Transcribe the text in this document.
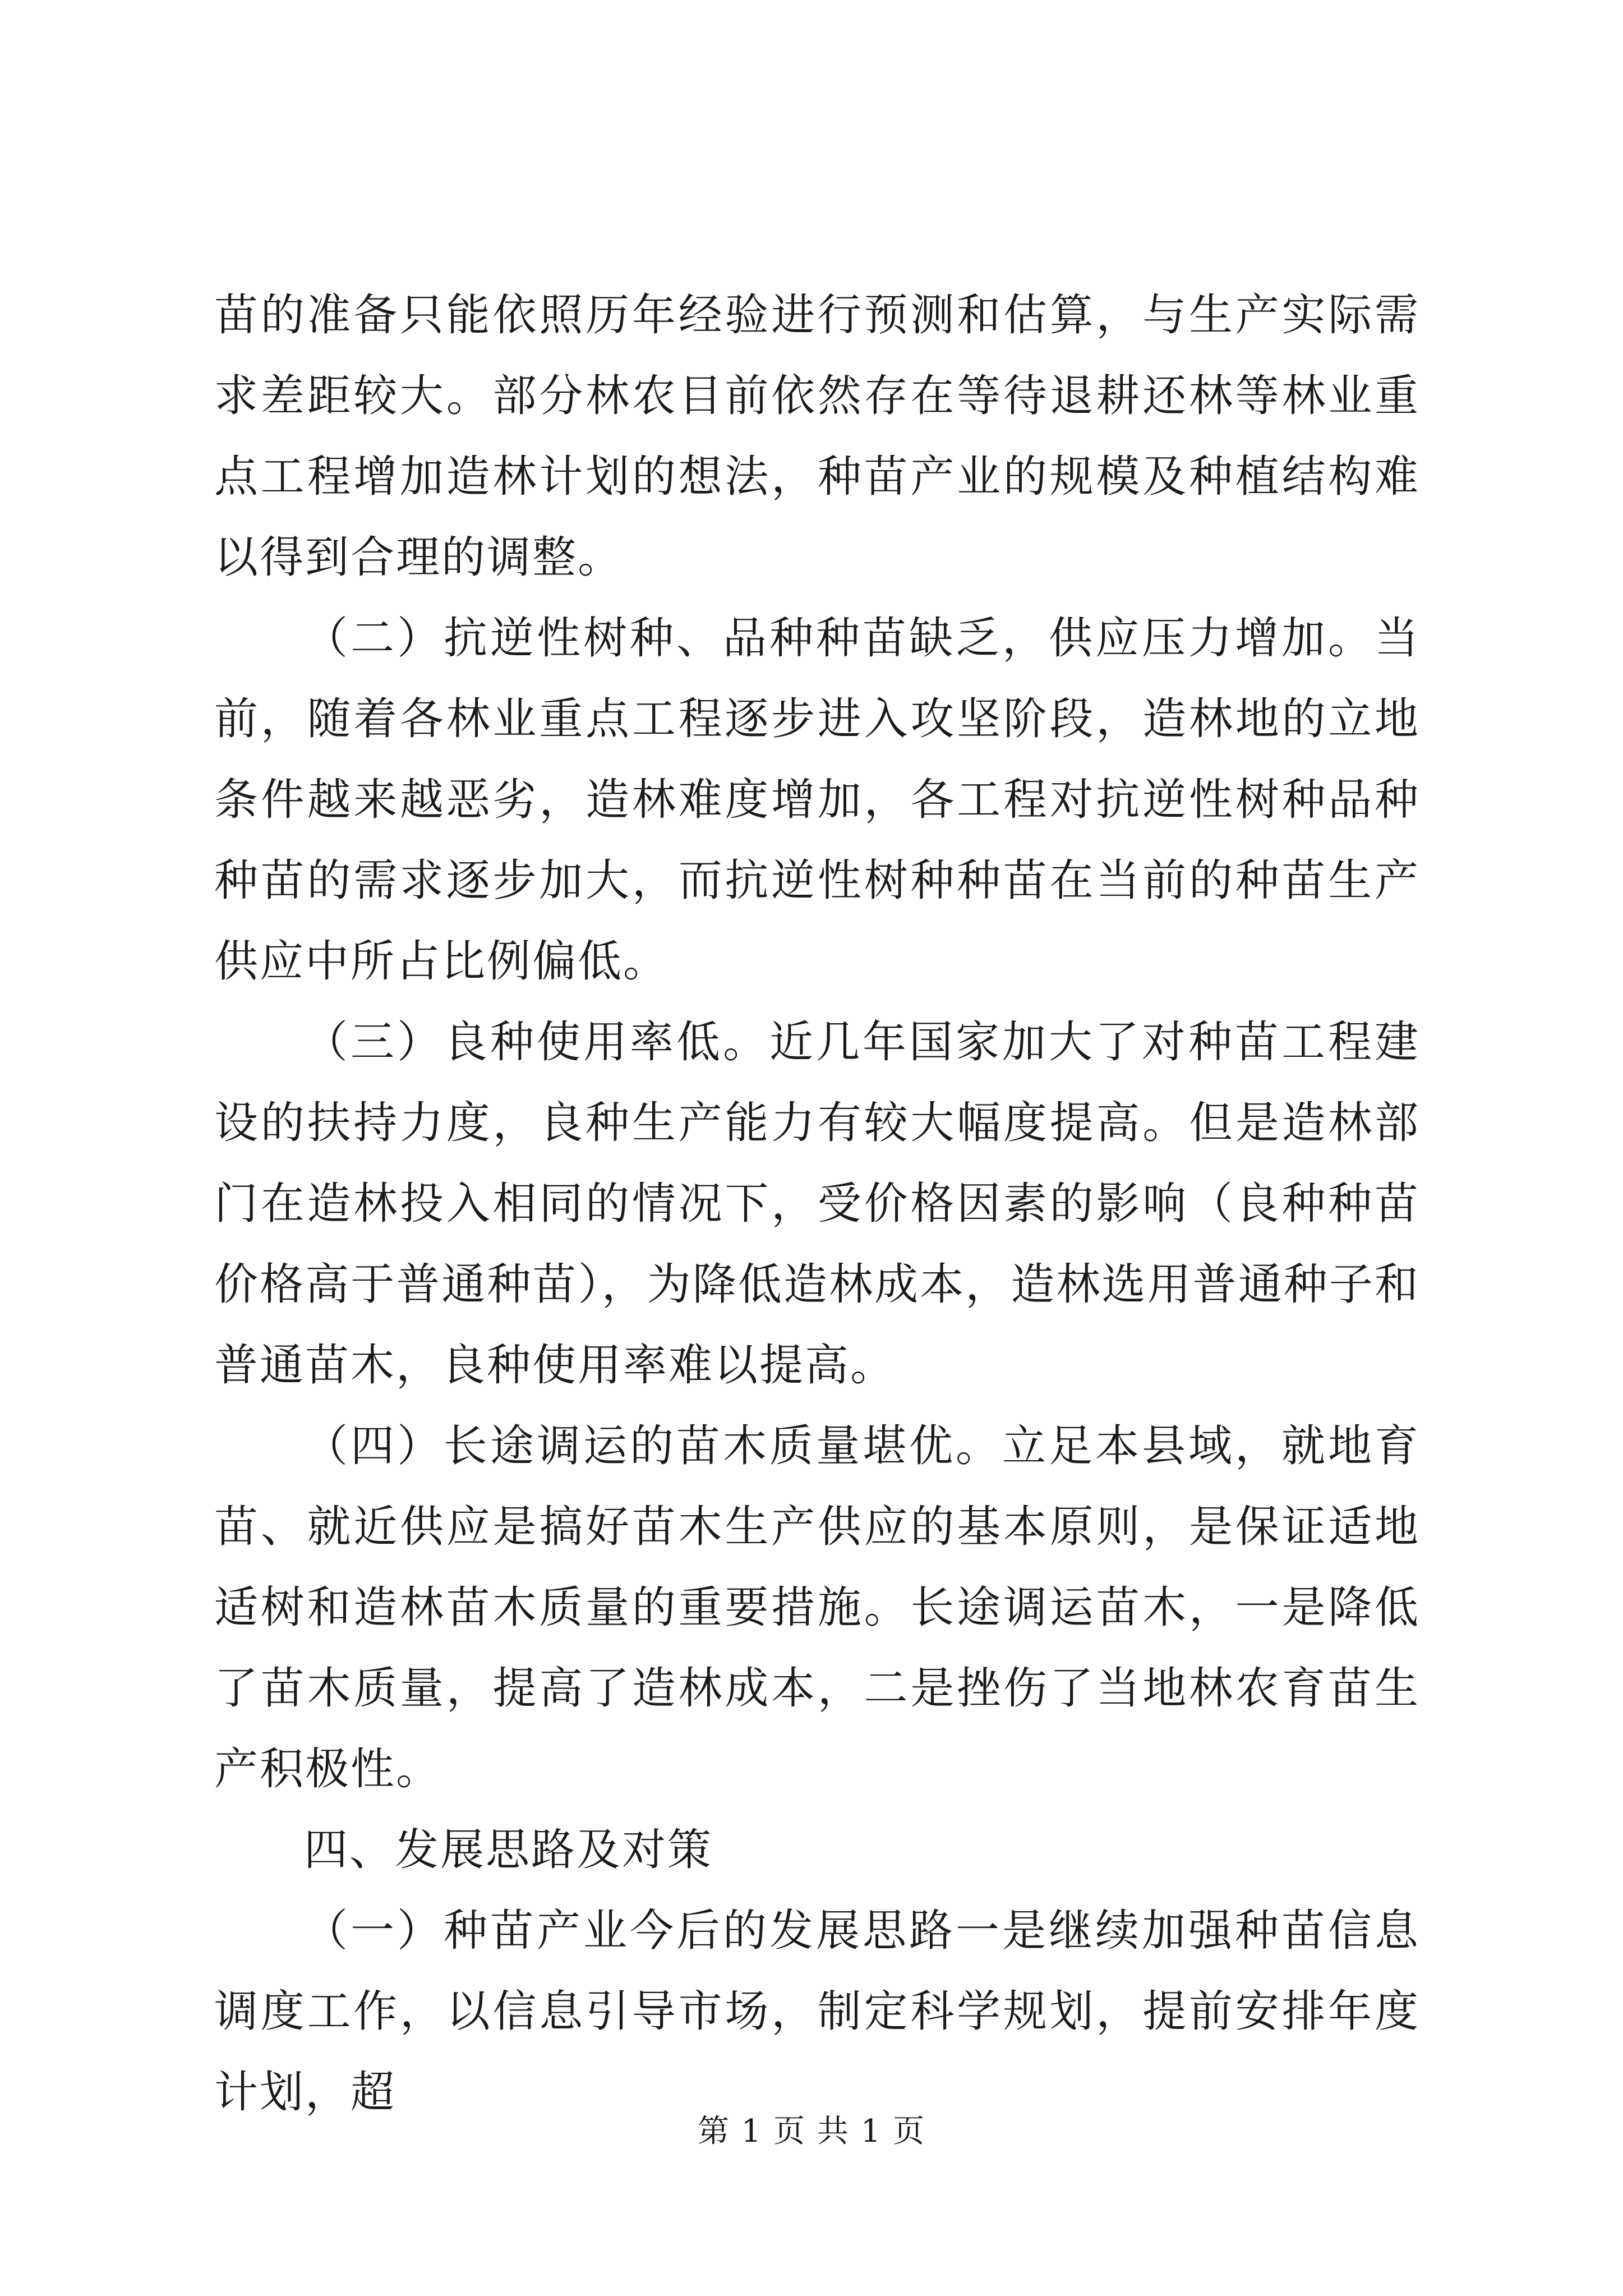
苗的准备只能依照历年经验进行预测和估算，与生产实际需求差距较大。部分林农目前依然存在等待退耕还林等林业重点工程增加造林计划的想法，种苗产业的规模及种植结构难以得到合理的调整。

（二）抗逆性树种、品种种苗缺乏，供应压力增加。当前，随着各林业重点工程逐步进入攻坚阶段，造林地的立地条件越来越恶劣，造林难度增加，各工程对抗逆性树种品种种苗的需求逐步加大，而抗逆性树种种苗在当前的种苗生产供应中所占比例偏低。

（三）良种使用率低。近几年国家加大了对种苗工程建设的扶持力度，良种生产能力有较大幅度提高。但是造林部门在造林投入相同的情况下，受价格因素的影响（良种种苗价格高于普通种苗），为降低造林成本，造林选用普通种子和普通苗木，良种使用率难以提高。

（四）长途调运的苗木质量堪优。立足本县域，就地育苗、就近供应是搞好苗木生产供应的基本原则，是保证适地适树和造林苗木质量的重要措施。长途调运苗木，一是降低了苗木质量，提高了造林成本，二是挫伤了当地林农育苗生产积极性。

四、发展思路及对策

（一）种苗产业今后的发展思路一是继续加强种苗信息调度工作，以信息引导市场，制定科学规划，提前安排年度计划，超

第 1 页 共 1 页
